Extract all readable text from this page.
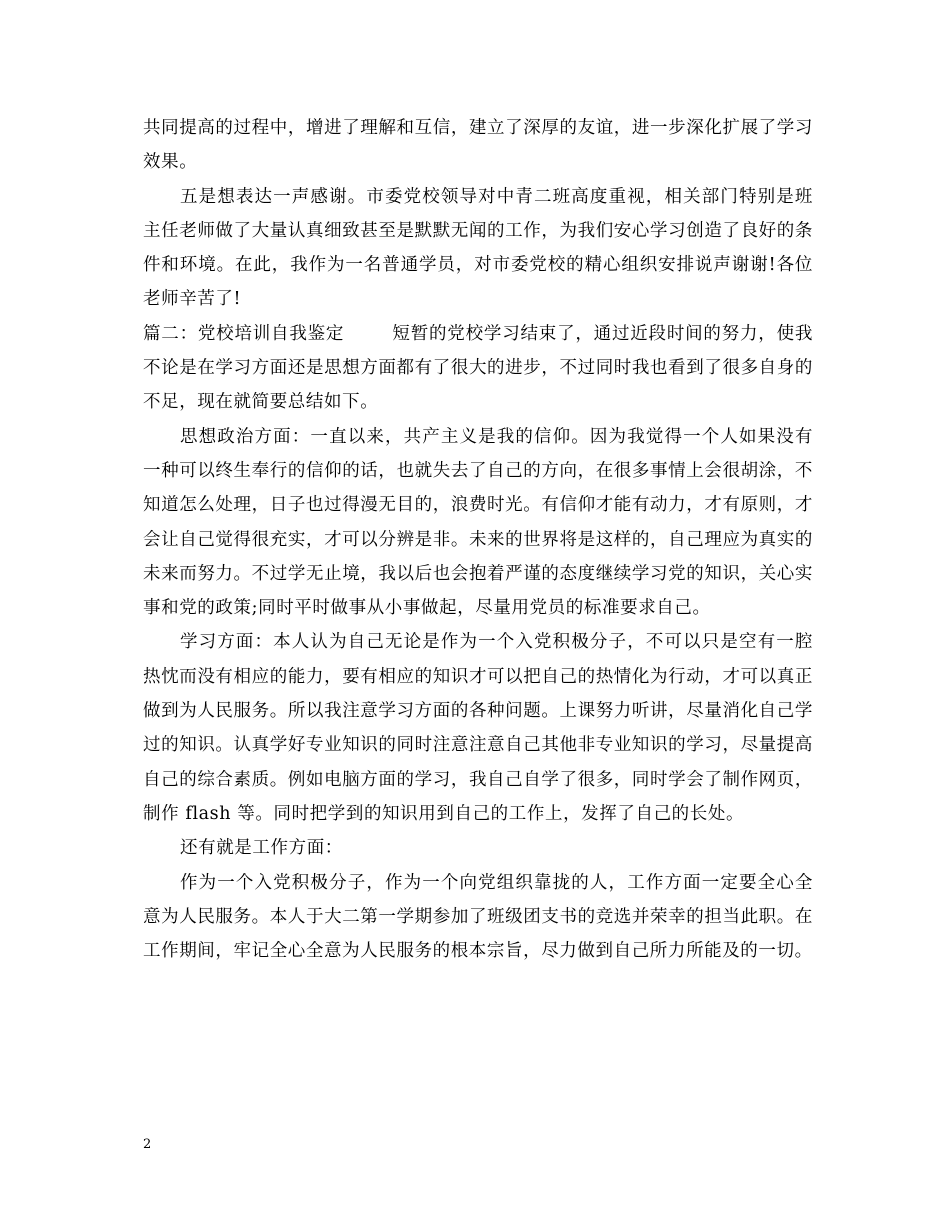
共同提高的过程中，增进了理解和互信，建立了深厚的友谊，进一步深化扩展了学习效果。

五是想表达一声感谢。市委党校领导对中青二班高度重视，相关部门特别是班主任老师做了大量认真细致甚至是默默无闻的工作，为我们安心学习创造了良好的条件和环境。在此，我作为一名普通学员，对市委党校的精心组织安排说声谢谢!各位老师辛苦了!

篇二：党校培训自我鉴定	短暂的党校学习结束了，通过近段时间的努力，使我不论是在学习方面还是思想方面都有了很大的进步，不过同时我也看到了很多自身的不足，现在就简要总结如下。

思想政治方面：一直以来，共产主义是我的信仰。因为我觉得一个人如果没有一种可以终生奉行的信仰的话，也就失去了自己的方向，在很多事情上会很胡涂，不知道怎么处理，日子也过得漫无目的，浪费时光。有信仰才能有动力，才有原则，才会让自己觉得很充实，才可以分辨是非。未来的世界将是这样的，自己理应为真实的未来而努力。不过学无止境，我以后也会抱着严谨的态度继续学习党的知识，关心实事和党的政策;同时平时做事从小事做起，尽量用党员的标准要求自己。

学习方面：本人认为自己无论是作为一个入党积极分子，不可以只是空有一腔热忱而没有相应的能力，要有相应的知识才可以把自己的热情化为行动，才可以真正做到为人民服务。所以我注意学习方面的各种问题。上课努力听讲，尽量消化自己学过的知识。认真学好专业知识的同时注意注意自己其他非专业知识的学习，尽量提高自己的综合素质。例如电脑方面的学习，我自己自学了很多，同时学会了制作网页，制作 flash 等。同时把学到的知识用到自己的工作上，发挥了自己的长处。

还有就是工作方面：

作为一个入党积极分子，作为一个向党组织靠拢的人，工作方面一定要全心全意为人民服务。本人于大二第一学期参加了班级团支书的竞选并荣幸的担当此职。在工作期间，牢记全心全意为人民服务的根本宗旨，尽力做到自己所力所能及的一切。

2
